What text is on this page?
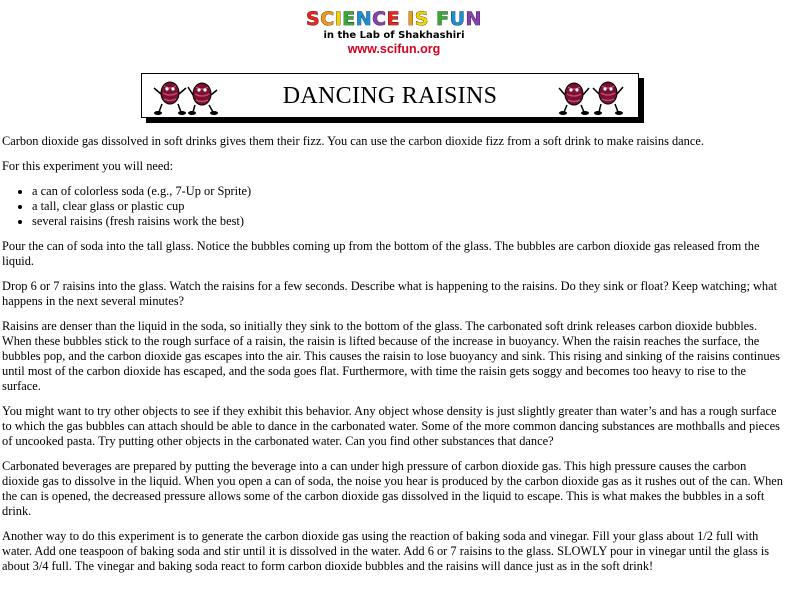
SCIENCE IS FUN
in the Lab of Shakhashiri
www.scifun.org
DANCING RAISINS

Carbon dioxide gas dissolved in soft drinks gives them their fizz. You can use the carbon dioxide fizz from a soft drink to make raisins dance.

For this experiment you will need:

• a can of colorless soda (e.g., 7-Up or Sprite)
• a tall, clear glass or plastic cup
• several raisins (fresh raisins work the best)

Pour the can of soda into the tall glass. Notice the bubbles coming up from the bottom of the glass. The bubbles are carbon dioxide gas released from the liquid.

Drop 6 or 7 raisins into the glass. Watch the raisins for a few seconds. Describe what is happening to the raisins. Do they sink or float? Keep watching; what happens in the next several minutes?

Raisins are denser than the liquid in the soda, so initially they sink to the bottom of the glass. The carbonated soft drink releases carbon dioxide bubbles. When these bubbles stick to the rough surface of a raisin, the raisin is lifted because of the increase in buoyancy. When the raisin reaches the surface, the bubbles pop, and the carbon dioxide gas escapes into the air. This causes the raisin to lose buoyancy and sink. This rising and sinking of the raisins continues until most of the carbon dioxide has escaped, and the soda goes flat. Furthermore, with time the raisin gets soggy and becomes too heavy to rise to the surface.

You might want to try other objects to see if they exhibit this behavior. Any object whose density is just slightly greater than water’s and has a rough surface to which the gas bubbles can attach should be able to dance in the carbonated water. Some of the more common dancing substances are mothballs and pieces of uncooked pasta. Try putting other objects in the carbonated water. Can you find other substances that dance?

Carbonated beverages are prepared by putting the beverage into a can under high pressure of carbon dioxide gas. This high pressure causes the carbon dioxide gas to dissolve in the liquid. When you open a can of soda, the noise you hear is produced by the carbon dioxide gas as it rushes out of the can. When the can is opened, the decreased pressure allows some of the carbon dioxide gas dissolved in the liquid to escape. This is what makes the bubbles in a soft drink.

Another way to do this experiment is to generate the carbon dioxide gas using the reaction of baking soda and vinegar. Fill your glass about 1/2 full with water. Add one teaspoon of baking soda and stir until it is dissolved in the water. Add 6 or 7 raisins to the glass. SLOWLY pour in vinegar until the glass is about 3/4 full. The vinegar and baking soda react to form carbon dioxide bubbles and the raisins will dance just as in the soft drink!
